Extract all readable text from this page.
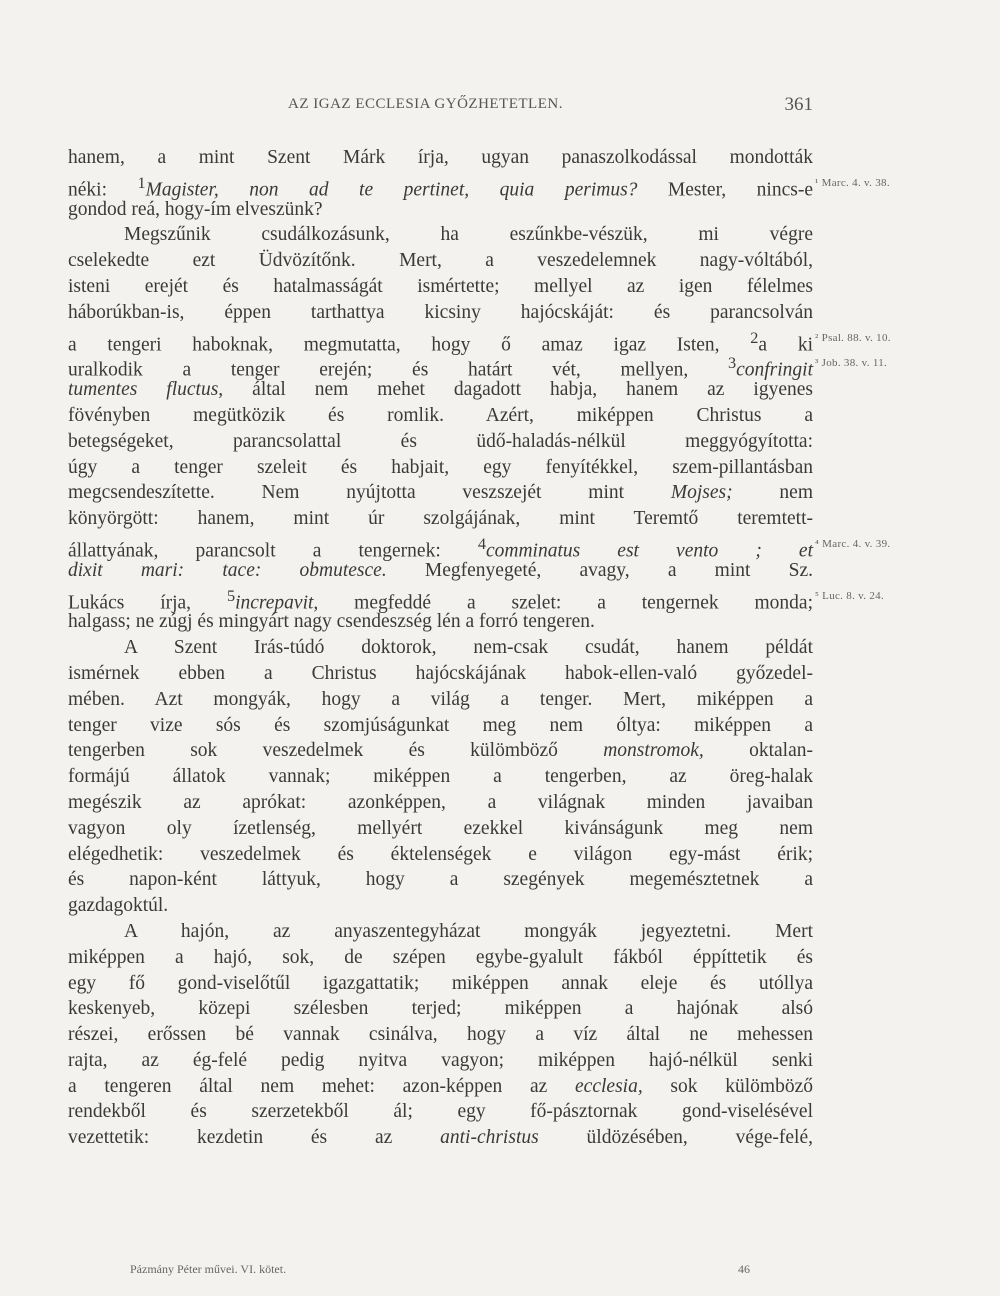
AZ IGAZ ECCLESIA GYŐZHETETLEN.	361
hanem, a mint Szent Márk írja, ugyan panaszolkodással mondották
néki: $^1$Magister, non ad te pertinet, quia perimus? Mester, nincs-e ¹ Marc. 4. v. 38.
gondod reá, hogy-ím elveszünk?
Megszűnik csudálkozásunk, ha eszűnkbe-vészük, mi végre
cselekedte ezt Üdvözítőnk. Mert, a veszedelemnek nagy-vóltából,
isteni erejét és hatalmasságát ismértette; mellyel az igen félelmes
háborúkban-is, éppen tarthattya kicsiny hajócskáját: és parancsolván
a tengeri haboknak, megmutatta, hogy ő amaz igaz Isten, $^2$a ki ² Psal. 88. v. 10.
uralkodik a tenger erején; és határt vét, mellyen, $^3$confringit ³ Job. 38. v. 11.
tumentes fluctus, által nem mehet dagadott habja, hanem az igyenes
fövényben megütközik és romlik. Azért, miképpen Christus a
betegségeket, parancsolattal és üdő-haladás-nélkül meggyógyította:
úgy a tenger szeleit és habjait, egy fenyítékkel, szem-pillantásban
megcsendeszítette. Nem nyújtotta veszszejét mint Mojses; nem
könyörgött: hanem, mint úr szolgájának, mint Teremtő teremtett-
állattyának, parancsolt a tengernek: $^4$comminatus est vento ; et ⁴ Marc. 4. v. 39.
dixit mari: tace: obmutesce. Megfenyegeté, avagy, a mint Sz.
Lukács írja, $^5$increpavit, megfeddé a szelet: a tengernek monda; ⁵ Luc. 8. v. 24.
halgass; ne zúgj és mingyárt nagy csendeszség lén a forró tengeren.
A Szent Irás-túdó doktorok, nem-csak csudát, hanem példát
ismérnek ebben a Christus hajócskájának habok-ellen-való győzedel-
mében. Azt mongyák, hogy a világ a tenger. Mert, miképpen a
tenger vize sós és szomjúságunkat meg nem óltya: miképpen a
tengerben sok veszedelmek és külömböző monstromok, oktalan-
formájú állatok vannak; miképpen a tengerben, az öreg-halak
megészik az aprókat: azonképpen, a világnak minden javaiban
vagyon oly ízetlenség, mellyért ezekkel kivánságunk meg nem
elégedhetik: veszedelmek és éktelenségek e világon egy-mást érik;
és napon-ként láttyuk, hogy a szegények megemésztetnek a
gazdagoktúl.
A hajón, az anyaszentegyházat mongyák jegyeztetni. Mert
miképpen a hajó, sok, de szépen egybe-gyalult fákból éppíttetik és
egy fő gond-viselőtűl igazgattatik; miképpen annak eleje és utóllya
keskenyeb, közepi szélesben terjed; miképpen a hajónak alsó
részei, erőssen bé vannak csinálva, hogy a víz által ne mehessen
rajta, az ég-felé pedig nyitva vagyon; miképpen hajó-nélkül senki
a tengeren által nem mehet: azon-képpen az ecclesia, sok külömböző
rendekből és szerzetekből ál; egy fő-pásztornak gond-viselésével
vezettetik: kezdetin és az anti-christus üldözésében, vége-felé,
Pázmány Péter művei. VI. kötet.	46
